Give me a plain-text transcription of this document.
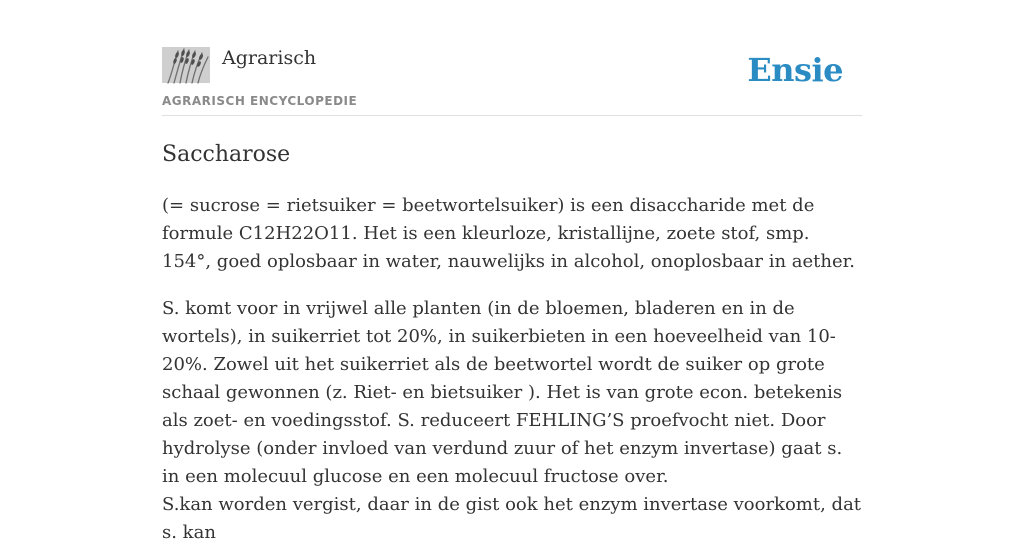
Agrarisch
AGRARISCH ENCYCLOPEDIE
Ensie
Saccharose

(= sucrose = rietsuiker = beetwortelsuiker) is een disaccharide met de formule C12H22O11. Het is een kleurloze, kristallijne, zoete stof, smp. 154°, goed oplosbaar in water, nauwelijks in alcohol, onoplosbaar in aether.

S. komt voor in vrijwel alle planten (in de bloemen, bladeren en in de wortels), in suikerriet tot 20%, in suikerbieten in een hoeveelheid van 10-20%. Zowel uit het suikerriet als de beetwortel wordt de suiker op grote schaal gewonnen (z. Riet- en bietsuiker ). Het is van grote econ. betekenis als zoet- en voedingsstof. S. reduceert FEHLING’S proefvocht niet. Door hydrolyse (onder invloed van verdund zuur of het enzym invertase) gaat s. in een molecuul glucose en een molecuul fructose over.

S.kan worden vergist, daar in de gist ook het enzym invertase voorkomt, dat s. kan
